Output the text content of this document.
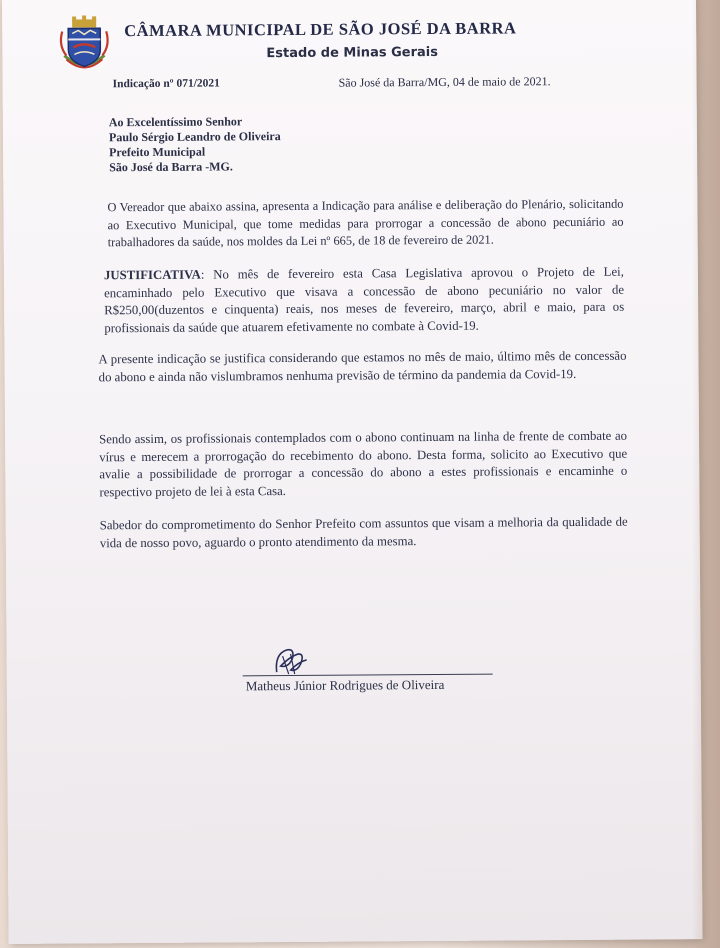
CÂMARA MUNICIPAL DE SÃO JOSÉ DA BARRA
Estado de Minas Gerais
Indicação nº 071/2021	São José da Barra/MG, 04 de maio de 2021.
Ao Excelentíssimo Senhor
Paulo Sérgio Leandro de Oliveira
Prefeito Municipal
São José da Barra -MG.
O Vereador que abaixo assina, apresenta a Indicação para análise e deliberação do Plenário, solicitando ao Executivo Municipal, que tome medidas para prorrogar a concessão de abono pecuniário ao trabalhadores da saúde, nos moldes da Lei nº 665, de 18 de fevereiro de 2021.
JUSTIFICATIVA: No mês de fevereiro esta Casa Legislativa aprovou o Projeto de Lei, encaminhado pelo Executivo que visava a concessão de abono pecuniário no valor de R$250,00(duzentos e cinquenta) reais, nos meses de fevereiro, março, abril e maio, para os profissionais da saúde que atuarem efetivamente no combate à Covid-19.
A presente indicação se justifica considerando que estamos no mês de maio, último mês de concessão do abono e ainda não vislumbramos nenhuma previsão de término da pandemia da Covid-19.
Sendo assim, os profissionais contemplados com o abono continuam na linha de frente de combate ao vírus e merecem a prorrogação do recebimento do abono. Desta forma, solicito ao Executivo que avalie a possibilidade de prorrogar a concessão do abono a estes profissionais e encaminhe o respectivo projeto de lei à esta Casa.
Sabedor do comprometimento do Senhor Prefeito com assuntos que visam a melhoria da qualidade de vida de nosso povo, aguardo o pronto atendimento da mesma.
Matheus Júnior Rodrigues de Oliveira
